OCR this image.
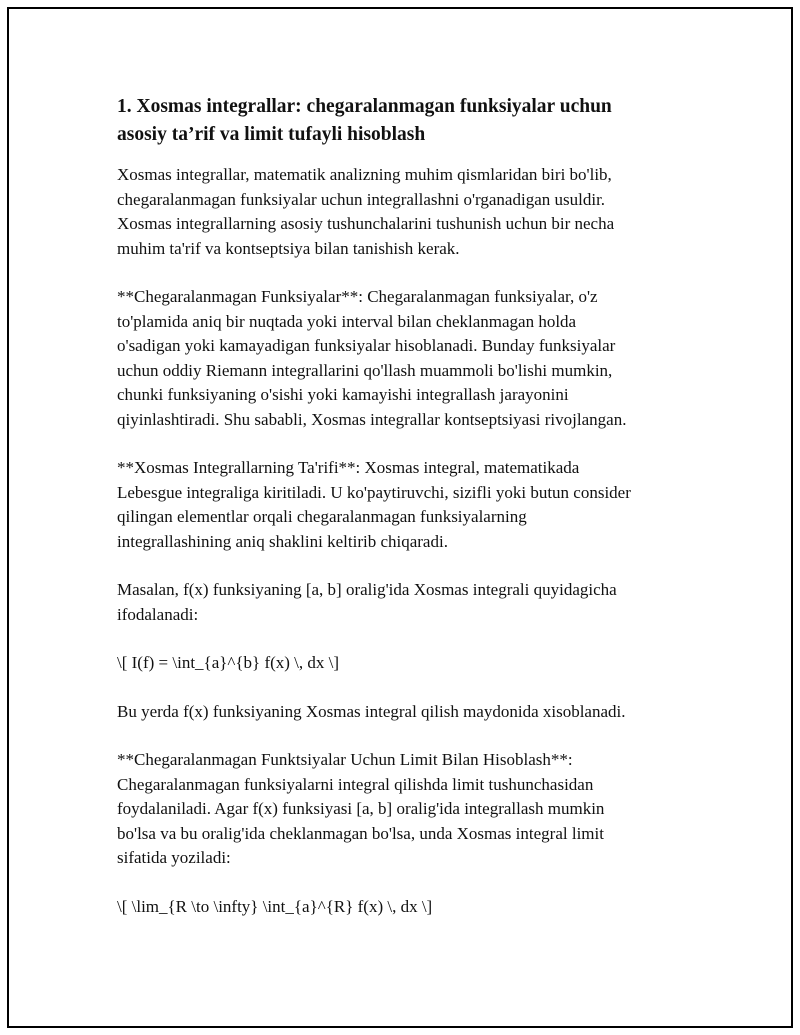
1. Xosmas integrallar: chegaralanmagan funksiyalar uchun
asosiy ta’rif va limit tufayli hisoblash
Xosmas integrallar, matematik analizning muhim qismlaridan biri bo'lib,
chegaralanmagan funksiyalar uchun integrallashni o'rganadigan usuldir.
Xosmas integrallarning asosiy tushunchalarini tushunish uchun bir necha
muhim ta'rif va kontseptsiya bilan tanishish kerak.
**Chegaralanmagan Funksiyalar**: Chegaralanmagan funksiyalar, o'z
to'plamida aniq bir nuqtada yoki interval bilan cheklanmagan holda
o'sadigan yoki kamayadigan funksiyalar hisoblanadi. Bunday funksiyalar
uchun oddiy Riemann integrallarini qo'llash muammoli bo'lishi mumkin,
chunki funksiyaning o'sishi yoki kamayishi integrallash jarayonini
qiyinlashtiradi. Shu sababli, Xosmas integrallar kontseptsiyasi rivojlangan.
**Xosmas Integrallarning Ta'rifi**: Xosmas integral, matematikada
Lebesgue integraliga kiritiladi. U ko'paytiruvchi, sizifli yoki butun consider
qilingan elementlar orqali chegaralanmagan funksiyalarning
integrallashining aniq shaklini keltirib chiqaradi.
Masalan, f(x) funksiyaning [a, b] oralig'ida Xosmas integrali quyidagicha
ifodalanadi:
\[ I(f) = \int_{a}^{b} f(x) \, dx \]
Bu yerda f(x) funksiyaning Xosmas integral qilish maydonida xisoblanadi.
**Chegaralanmagan Funktsiyalar Uchun Limit Bilan Hisoblash**:
Chegaralanmagan funksiyalarni integral qilishda limit tushunchasidan
foydalaniladi. Agar f(x) funksiyasi [a, b] oralig'ida integrallash mumkin
bo'lsa va bu oralig'ida cheklanmagan bo'lsa, unda Xosmas integral limit
sifatida yoziladi:
\[ \lim_{R \to \infty} \int_{a}^{R} f(x) \, dx \]
